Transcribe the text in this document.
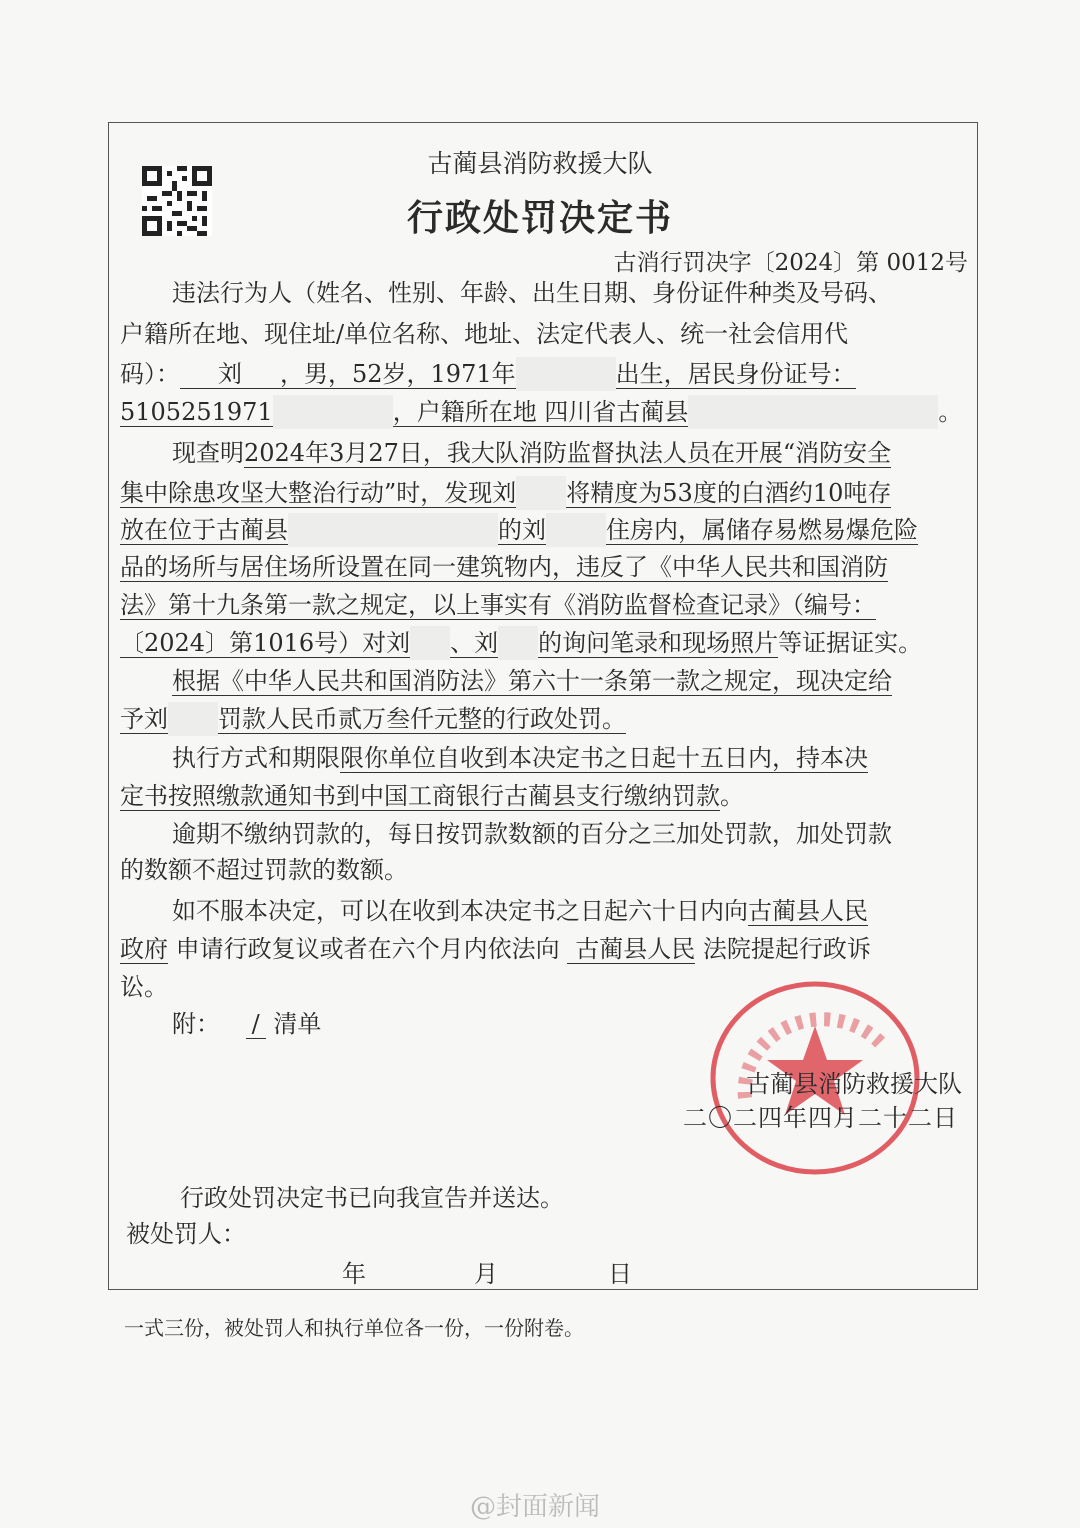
古蔺县消防救援大队
行政处罚决定书
古消行罚决字〔2024〕第 0012号
违法行为人（姓名、性别、年龄、出生日期、身份证件种类及号码、
户籍所在地、现住址/单位名称、地址、法定代表人、统一社会信用代
码）： 刘 ，男，52岁，1971年	出生，居民身份证号：
5105251971	，户籍所在地 四川省古蔺县	。
现查明2024年3月27日，我大队消防监督执法人员在开展“消防安全
集中除患攻坚大整治行动”时，发现刘 将精度为53度的白酒约10吨存
放在位于古蔺县	的刘	住房内，属储存易燃易爆危险
品的场所与居住场所设置在同一建筑物内，违反了《中华人民共和国消防
法》第十九条第一款之规定，以上事实有《消防监督检查记录》（编号：
〔2024〕第1016号）对刘 、刘 的询问笔录和现场照片等证据证实。
根据《中华人民共和国消防法》第六十一条第一款之规定，现决定给
予刘 罚款人民币贰万叁仟元整的行政处罚。
执行方式和期限限你单位自收到本决定书之日起十五日内，持本决
定书按照缴款通知书到中国工商银行古蔺县支行缴纳罚款。
逾期不缴纳罚款的，每日按罚款数额的百分之三加处罚款，加处罚款
的数额不超过罚款的数额。
如不服本决定，可以在收到本决定书之日起六十日内向古蔺县人民
政府 申请行政复议或者在六个月内依法向 古蔺县人民 法院提起行政诉
讼。
附： / 清单
古蔺县消防救援大队
二〇二四年四月二十二日
行政处罚决定书已向我宣告并送达。
被处罚人：
年	月	日
一式三份，被处罚人和执行单位各一份，一份附卷。
@封面新闻
